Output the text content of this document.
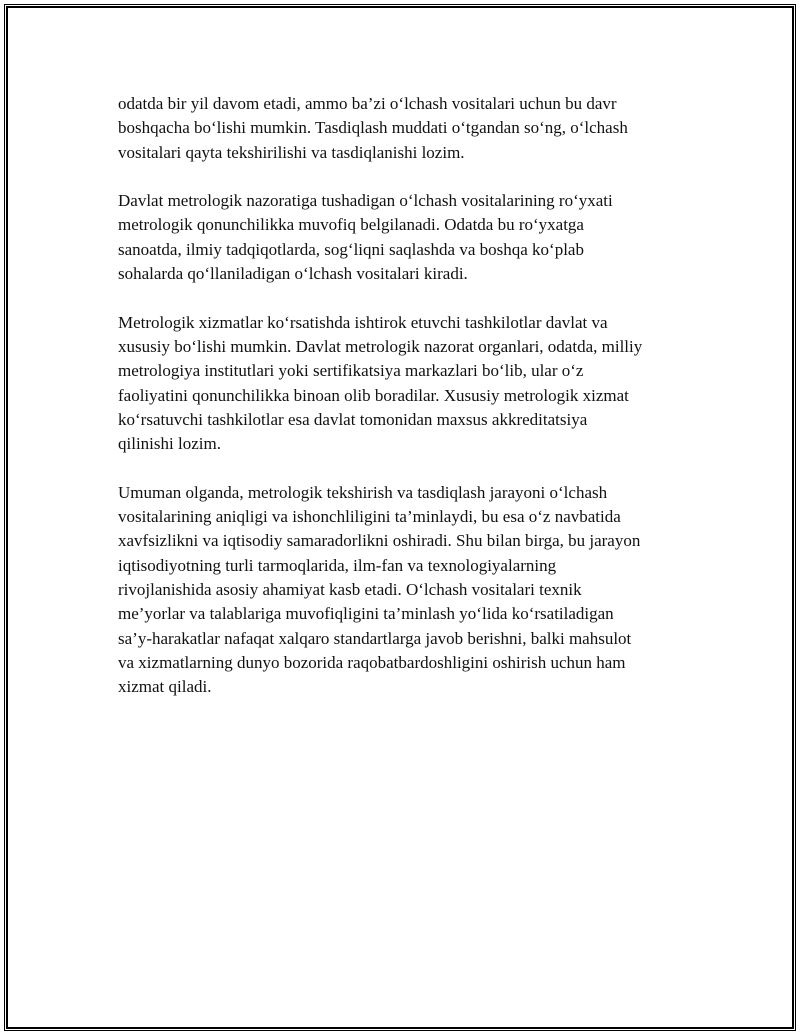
odatda bir yil davom etadi, ammo ba’zi o‘lchash vositalari uchun bu davr
boshqacha bo‘lishi mumkin. Tasdiqlash muddati o‘tgandan so‘ng, o‘lchash
vositalari qayta tekshirilishi va tasdiqlanishi lozim.

Davlat metrologik nazoratiga tushadigan o‘lchash vositalarining ro‘yxati
metrologik qonunchilikka muvofiq belgilanadi. Odatda bu ro‘yxatga
sanoatda, ilmiy tadqiqotlarda, sog‘liqni saqlashda va boshqa ko‘plab
sohalarda qo‘llaniladigan o‘lchash vositalari kiradi.

Metrologik xizmatlar ko‘rsatishda ishtirok etuvchi tashkilotlar davlat va
xususiy bo‘lishi mumkin. Davlat metrologik nazorat organlari, odatda, milliy
metrologiya institutlari yoki sertifikatsiya markazlari bo‘lib, ular o‘z
faoliyatini qonunchilikka binoan olib boradilar. Xususiy metrologik xizmat
ko‘rsatuvchi tashkilotlar esa davlat tomonidan maxsus akkreditatsiya
qilinishi lozim.

Umuman olganda, metrologik tekshirish va tasdiqlash jarayoni o‘lchash
vositalarining aniqligi va ishonchliligini ta’minlaydi, bu esa o‘z navbatida
xavfsizlikni va iqtisodiy samaradorlikni oshiradi. Shu bilan birga, bu jarayon
iqtisodiyotning turli tarmoqlarida, ilm-fan va texnologiyalarning
rivojlanishida asosiy ahamiyat kasb etadi. O‘lchash vositalari texnik
me’yorlar va talablariga muvofiqligini ta’minlash yo‘lida ko‘rsatiladigan
sa’y-harakatlar nafaqat xalqaro standartlarga javob berishni, balki mahsulot
va xizmatlarning dunyo bozorida raqobatbardoshligini oshirish uchun ham
xizmat qiladi.
